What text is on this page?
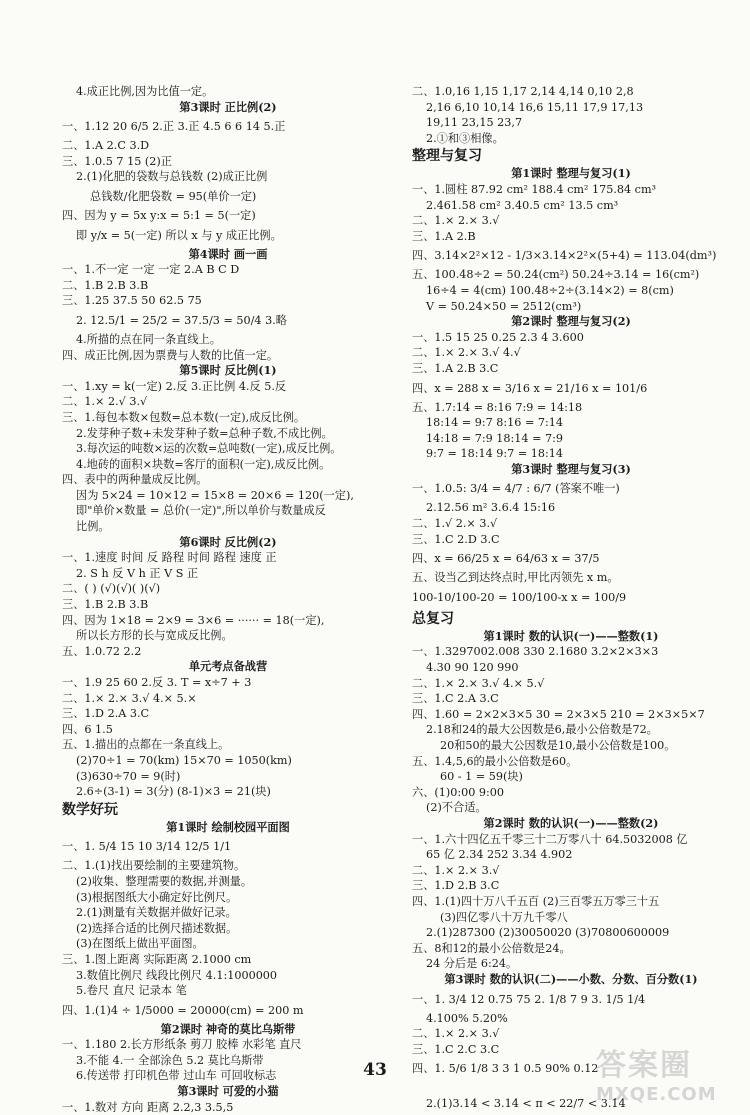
4.成正比例,因为比值一定。
第3课时 正比例(2)
一、1.12 20 6/5 2.正 3.正 4.5 6 6 14 5.正
二、1.A 2.C 3.D
三、1.0.5 7 15 (2)正
2.(1)化肥的袋数与总钱数 (2)成正比例
总钱数/化肥袋数 = 95(单价一定)
四、因为 y = 5x y:x = 5:1 = 5(一定)
即 y/x = 5(一定) 所以 x 与 y 成正比例。
第4课时 画一画
一、1.不一定 一定 一定 2.A B C D
二、1.B 2.B 3.B
三、1.25 37.5 50 62.5 75
2. 12.5/1 = 25/2 = 37.5/3 = 50/4 3.略
4.所描的点在同一条直线上。
四、成正比例,因为票费与人数的比值一定。
第5课时 反比例(1)
一、1.xy = k(一定) 2.反 3.正比例 4.反 5.反
二、1.× 2.√ 3.√
三、1.每包本数×包数=总本数(一定),成反比例。
2.发芽种子数+未发芽种子数=总种子数,不成比例。
3.每次运的吨数×运的次数=总吨数(一定),成反比例。
4.地砖的面积×块数=客厅的面积(一定),成反比例。
四、表中的两种量成反比例。
因为 5×24 = 10×12 = 15×8 = 20×6 = 120(一定),
即"单价×数量 = 总价(一定)",所以单价与数量成反
比例。
第6课时 反比例(2)
一、1.速度 时间 反 路程 时间 路程 速度 正
2. S h 反 V h 正 V S 正
二、( ) (√)(√)( )(√)
三、1.B 2.B 3.B
四、因为 1×18 = 2×9 = 3×6 = ······ = 18(一定),
所以长方形的长与宽成反比例。
五、1.0.72 2.2
单元考点备战营
一、1.9 25 60 2.反 3. T = x÷7 + 3
二、1.× 2.× 3.√ 4.× 5.×
三、1.D 2.A 3.C
四、6 1.5
五、1.描出的点都在一条直线上。
(2)70÷1 = 70(km) 15×70 = 1050(km)
(3)630÷70 = 9(时)
2.6÷(3-1) = 3(分) (8-1)×3 = 21(块)
数学好玩
第1课时 绘制校园平面图
一、1. 5/4 15 10 3/14 12/5 1/1
二、1.(1)找出要绘制的主要建筑物。
(2)收集、整理需要的数据,并测量。
(3)根据图纸大小确定好比例尺。
2.(1)测量有关数据并做好记录。
(2)选择合适的比例尺描述数据。
(3)在图纸上做出平面图。
三、1.图上距离 实际距离 2.1000 cm
3.数值比例尺 线段比例尺 4.1:1000000
5.卷尺 直尺 记录本 笔
四、1.(1)4 ÷ 1/5000 = 20000(cm) = 200 m
第2课时 神奇的莫比乌斯带
一、1.180 2.长方形纸条 剪刀 胶棒 水彩笔 直尺
3.不能 4.一 全部涂色 5.2 莫比乌斯带
6.传送带 打印机色带 过山车 可回收标志
第3课时 可爱的小猫
一、1.数对 方向 距离 2.2,3 3.5,5
二、1.0,16 1,15 1,17 2,14 4,14 0,10 2,8
2,16 6,10 10,14 16,6 15,11 17,9 17,13
19,11 23,15 23,7
2.①和③相像。
整理与复习
第1课时 整理与复习(1)
一、1.圆柱 87.92 cm² 188.4 cm² 175.84 cm³
2.461.58 cm² 3.40.5 cm² 13.5 cm³
二、1.× 2.× 3.√
三、1.A 2.B
四、3.14×2²×12 - 1/3×3.14×2²×(5+4) = 113.04(dm³)
五、100.48÷2 = 50.24(cm²) 50.24÷3.14 = 16(cm²)
16÷4 = 4(cm) 100.48÷2÷(3.14×2) = 8(cm)
V = 50.24×50 = 2512(cm³)
第2课时 整理与复习(2)
一、1.5 15 25 0.25 2.3 4 3.600
二、1.× 2.× 3.√ 4.√
三、1.A 2.B 3.C
四、x = 288 x = 3/16 x = 21/16 x = 101/6
五、1.7:14 = 8:16 7:9 = 14:18
18:14 = 9:7 8:16 = 7:14
14:18 = 7:9 18:14 = 7:9
9:7 = 18:14 9:7 = 18:14
第3课时 整理与复习(3)
一、1.0.5: 3/4 = 4/7 : 6/7 (答案不唯一)
2.12.56 m² 3.6.4 15:16
二、1.√ 2.× 3.√
三、1.C 2.D 3.C
四、x = 66/25 x = 64/63 x = 37/5
五、设当乙到达终点时,甲比丙领先 x m。
100-10/100-20 = 100/100-x x = 100/9
总复习
第1课时 数的认识(一)——整数(1)
一、1.3297002.008 330 2.1680 3.2×2×3×3
4.30 90 120 990
二、1.× 2.× 3.√ 4.× 5.√
三、1.C 2.A 3.C
四、1.60 = 2×2×3×5 30 = 2×3×5 210 = 2×3×5×7
2.18和24的最大公因数是6,最小公倍数是72。
20和50的最大公因数是10,最小公倍数是100。
五、1.4,5,6的最小公倍数是60。
60 - 1 = 59(块)
六、(1)0:00 9:00
(2)不合适。
第2课时 数的认识(一)——整数(2)
一、1.六十四亿五千零三十二万零八十 64.5032008 亿
65 亿 2.34 252 3.34 4.902
二、1.× 2.× 3.√
三、1.D 2.B 3.C
四、1.(1)四十万八千五百 (2)三百零五万零三十五
(3)四亿零八十万九千零八
2.(1)287300 (2)30050020 (3)70800600009
五、8和12的最小公倍数是24。
24 分后是 6:24。
第3课时 数的认识(二)——小数、分数、百分数(1)
一、1. 3/4 12 0.75 75 2. 1/8 7 9 3. 1/5 1/4
4.100% 5.20%
二、1.× 2.× 3.√
三、1.C 2.C 3.C
四、1. 5/6 1/8 3 3 1 0.5 90% 0.12
2.(1)3.14 < 3.14̇ < π < 22/7 < 3.1̇4̇
43	答案圈
MXQE.COM
